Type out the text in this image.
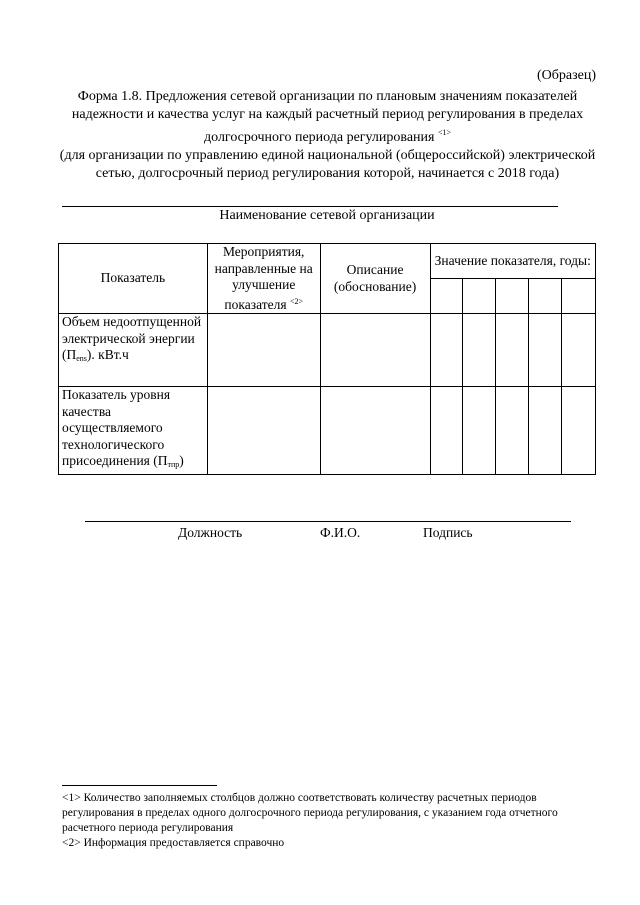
(Образец)
Форма 1.8. Предложения сетевой организации по плановым значениям показателей надежности и качества услуг на каждый расчетный период регулирования в пределах долгосрочного периода регулирования $^{<1>}$
(для организации по управлению единой национальной (общероссийской) электрической сетью, долгосрочный период регулирования которой, начинается с 2018 года)
Наименование сетевой организации
Показатель	Мероприятия, направленные на улучшение показателя $^{<2>}$	Описание (обоснование)	Значение показателя, годы:				

Объем недоотпущенной электрической энергии $(П_{ens})$. кВт.ч							
Показатель уровня качества осуществляемого технологического присоединения $(П_{тпр})$							
Должность	Ф.И.О.	Подпись
<1> Количество заполняемых столбцов должно соответствовать количеству расчетных периодов регулирования в пределах одного долгосрочного периода регулирования, с указанием года отчетного расчетного периода регулирования
<2> Информация предоставляется справочно
